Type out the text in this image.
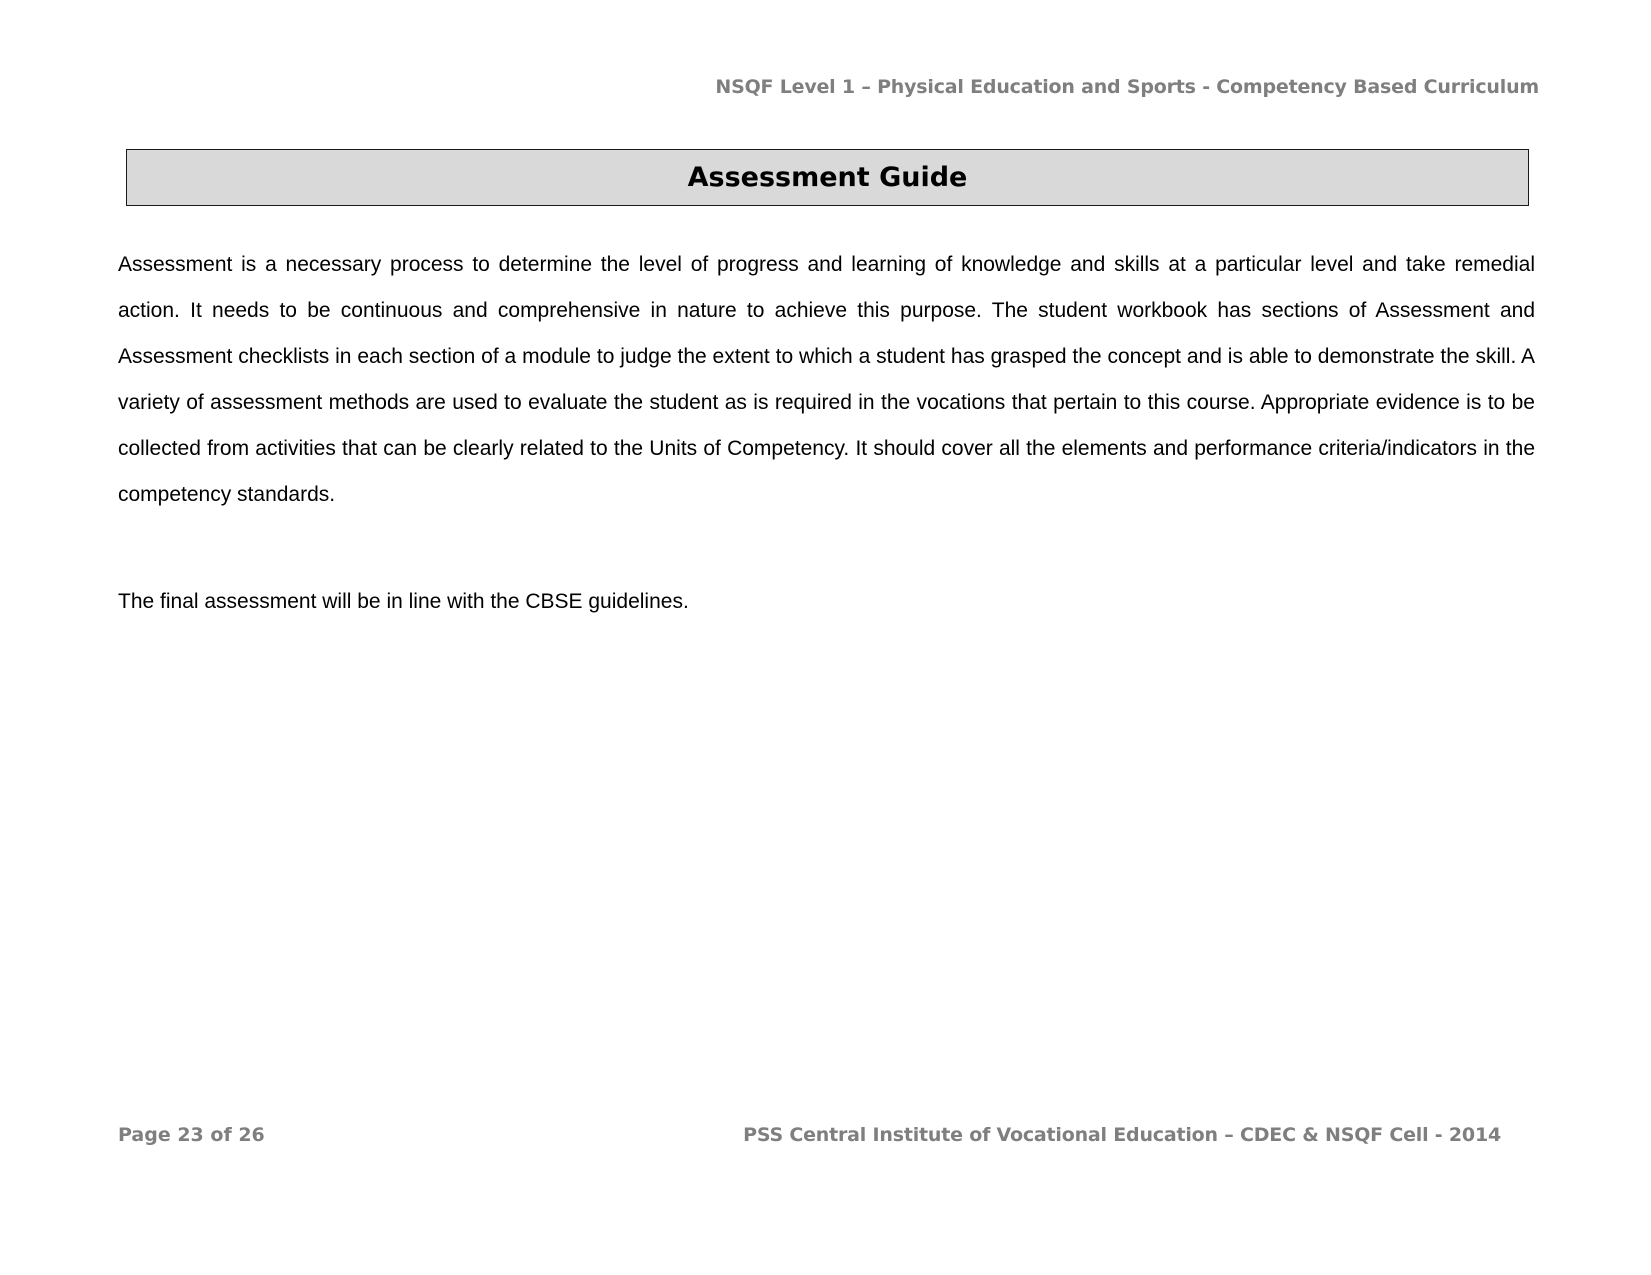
NSQF Level 1 – Physical Education and Sports - Competency Based Curriculum
Assessment Guide

Assessment is a necessary process to determine the level of progress and learning of knowledge and skills at a particular level and take remedial action. It needs to be continuous and comprehensive in nature to achieve this purpose. The student workbook has sections of Assessment and Assessment checklists in each section of a module to judge the extent to which a student has grasped the concept and is able to demonstrate the skill. A variety of assessment methods are used to evaluate the student as is required in the vocations that pertain to this course. Appropriate evidence is to be collected from activities that can be clearly related to the Units of Competency. It should cover all the elements and performance criteria/indicators in the competency standards.

The final assessment will be in line with the CBSE guidelines.

Page 23 of 26	PSS Central Institute of Vocational Education – CDEC & NSQF Cell - 2014
